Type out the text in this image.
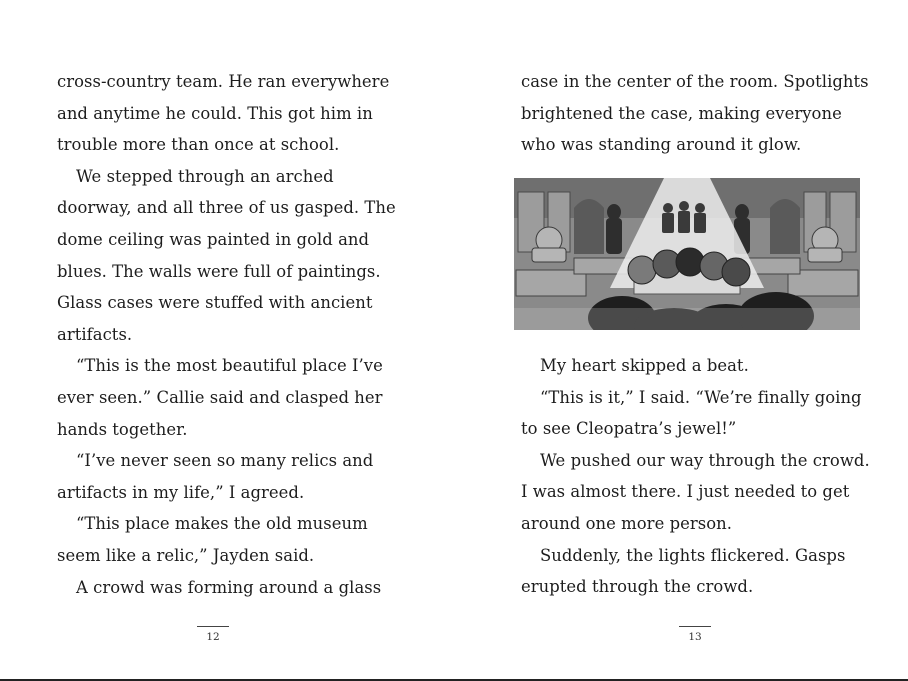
cross-country team. He ran everywhere
and anytime he could. This got him in
trouble more than once at school.
We stepped through an arched
doorway, and all three of us gasped. The
dome ceiling was painted in gold and
blues. The walls were full of paintings.
Glass cases were stuffed with ancient
artifacts.
“This is the most beautiful place I’ve
ever seen.” Callie said and clasped her
hands together.
“I’ve never seen so many relics and
artifacts in my life,” I agreed.
“This place makes the old museum
seem like a relic,” Jayden said.
A crowd was forming around a glass
12
case in the center of the room. Spotlights
brightened the case, making everyone
who was standing around it glow.
My heart skipped a beat.
“This is it,” I said. “We’re finally going
to see Cleopatra’s jewel!”
We pushed our way through the crowd.
I was almost there. I just needed to get
around one more person.
Suddenly, the lights flickered. Gasps
erupted through the crowd.
13
